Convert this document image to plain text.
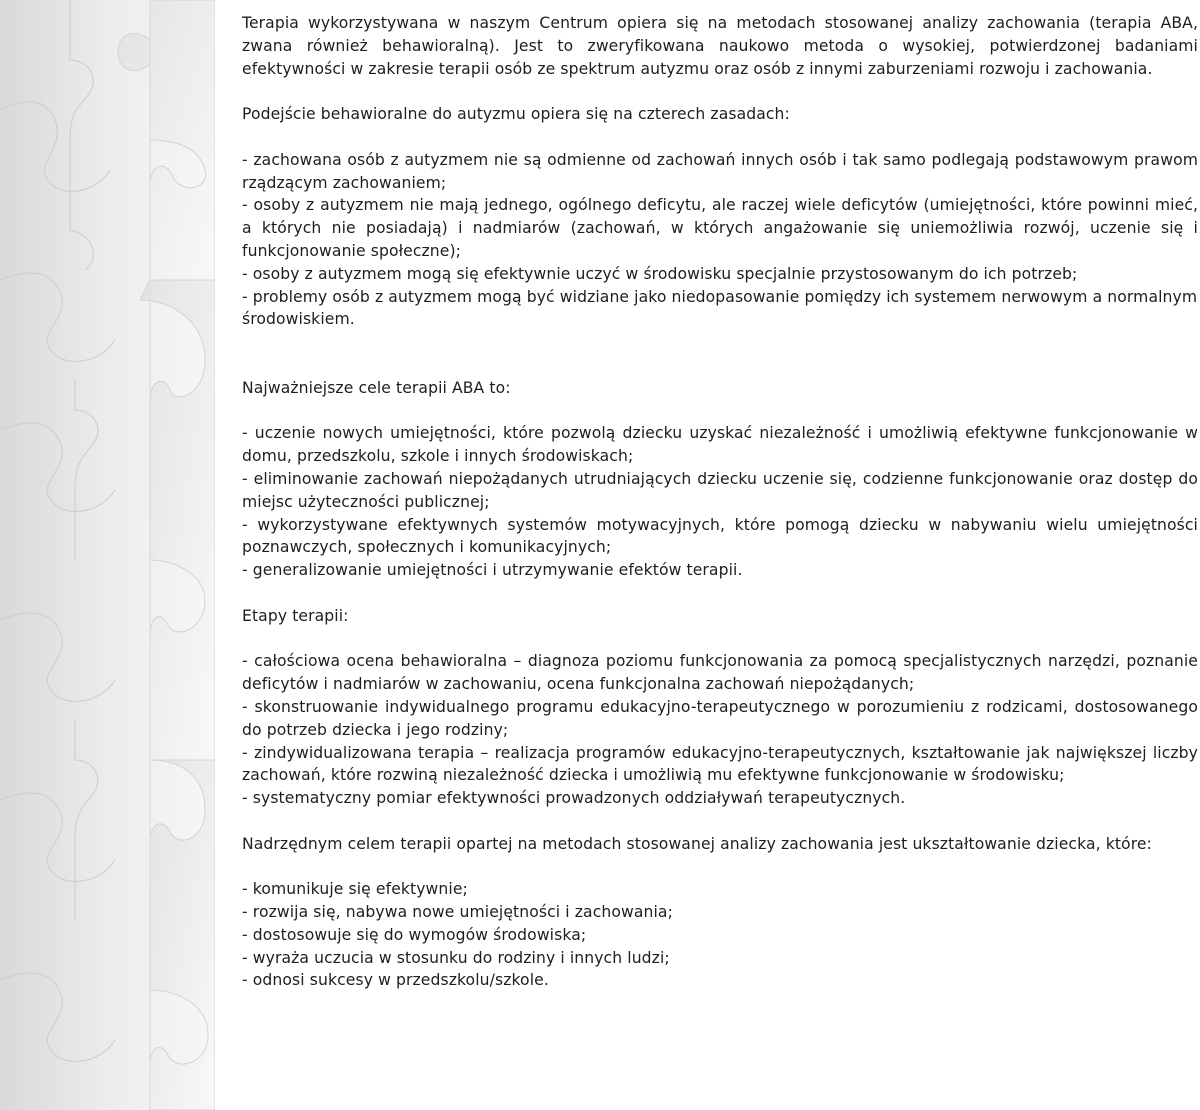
Terapia wykorzystywana w naszym Centrum opiera się na metodach stosowanej analizy zachowania (terapia ABA, zwana również behawioralną). Jest to zweryfikowana naukowo metoda o wysokiej, potwierdzonej badaniami efektywności w zakresie terapii osób ze spektrum autyzmu oraz osób z innymi zaburzeniami rozwoju i zachowania.

Podejście behawioralne do autyzmu opiera się na czterech zasadach:

- zachowana osób z autyzmem nie są odmienne od zachowań innych osób i tak samo podlegają podstawowym prawom rządzącym zachowaniem;

- osoby z autyzmem nie mają jednego, ogólnego deficytu, ale raczej wiele deficytów (umiejętności, które powinni mieć, a których nie posiadają) i nadmiarów (zachowań, w których angażowanie się uniemożliwia rozwój, uczenie się i funkcjonowanie społeczne);

- osoby z autyzmem mogą się efektywnie uczyć w środowisku specjalnie przystosowanym do ich potrzeb;

- problemy osób z autyzmem mogą być widziane jako niedopasowanie pomiędzy ich systemem nerwowym a normalnym środowiskiem.

Najważniejsze cele terapii ABA to:

- uczenie nowych umiejętności, które pozwolą dziecku uzyskać niezależność i umożliwią efektywne funkcjonowanie w domu, przedszkolu, szkole i innych środowiskach;

- eliminowanie zachowań niepożądanych utrudniających dziecku uczenie się, codzienne funkcjonowanie oraz dostęp do miejsc użyteczności publicznej;

- wykorzystywane efektywnych systemów motywacyjnych, które pomogą dziecku w nabywaniu wielu umiejętności poznawczych, społecznych i komunikacyjnych;

- generalizowanie umiejętności i utrzymywanie efektów terapii.

Etapy terapii:

- całościowa ocena behawioralna – diagnoza poziomu funkcjonowania za pomocą specjalistycznych narzędzi, poznanie deficytów i nadmiarów w zachowaniu, ocena funkcjonalna zachowań niepożądanych;

- skonstruowanie indywidualnego programu edukacyjno-terapeutycznego w porozumieniu z rodzicami, dostosowanego do potrzeb dziecka i jego rodziny;

- zindywidualizowana terapia – realizacja programów edukacyjno-terapeutycznych, kształtowanie jak największej liczby zachowań, które rozwiną niezależność dziecka i umożliwią mu efektywne funkcjonowanie w środowisku;

- systematyczny pomiar efektywności prowadzonych oddziaływań terapeutycznych.

Nadrzędnym celem terapii opartej na metodach stosowanej analizy zachowania jest ukształtowanie dziecka, które:

- komunikuje się efektywnie;

- rozwija się, nabywa nowe umiejętności i zachowania;

- dostosowuje się do wymogów środowiska;

- wyraża uczucia w stosunku do rodziny i innych ludzi;

- odnosi sukcesy w przedszkolu/szkole.
